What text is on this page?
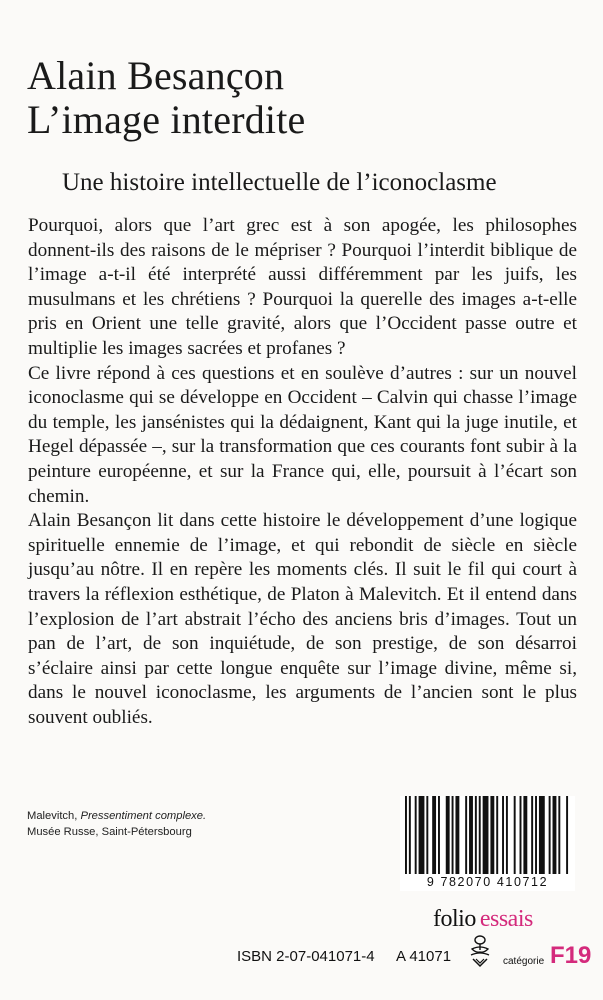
Alain Besançon
L’image interdite
Une histoire intellectuelle de l’iconoclasme

Pourquoi, alors que l’art grec est à son apogée, les philosophes donnent-ils des raisons de le mépriser ? Pourquoi l’interdit biblique de l’image a-t-il été interprété aussi différemment par les juifs, les musulmans et les chrétiens ? Pourquoi la querelle des images a-t-elle pris en Orient une telle gravité, alors que l’Occident passe outre et multiplie les images sacrées et profanes ?

Ce livre répond à ces questions et en soulève d’autres : sur un nouvel iconoclasme qui se développe en Occident – Calvin qui chasse l’image du temple, les jansénistes qui la dédaignent, Kant qui la juge inutile, et Hegel dépassée –, sur la transformation que ces courants font subir à la peinture européenne, et sur la France qui, elle, poursuit à l’écart son chemin.

Alain Besançon lit dans cette histoire le développement d’une logique spirituelle ennemie de l’image, et qui rebondit de siècle en siècle jusqu’au nôtre. Il en repère les moments clés. Il suit le fil qui court à travers la réflexion esthétique, de Platon à Malevitch. Et il entend dans l’explosion de l’art abstrait l’écho des anciens bris d’images. Tout un pan de l’art, de son inquiétude, de son prestige, de son désarroi s’éclaire ainsi par cette longue enquête sur l’image divine, même si, dans le nouvel iconoclasme, les arguments de l’ancien sont le plus souvent oubliés.

Malevitch, Pressentiment complexe.
Musée Russe, Saint-Pétersbourg
9 782070 410712
folio essais
ISBN 2-07-041071-4 A 41071	catégorie F19
